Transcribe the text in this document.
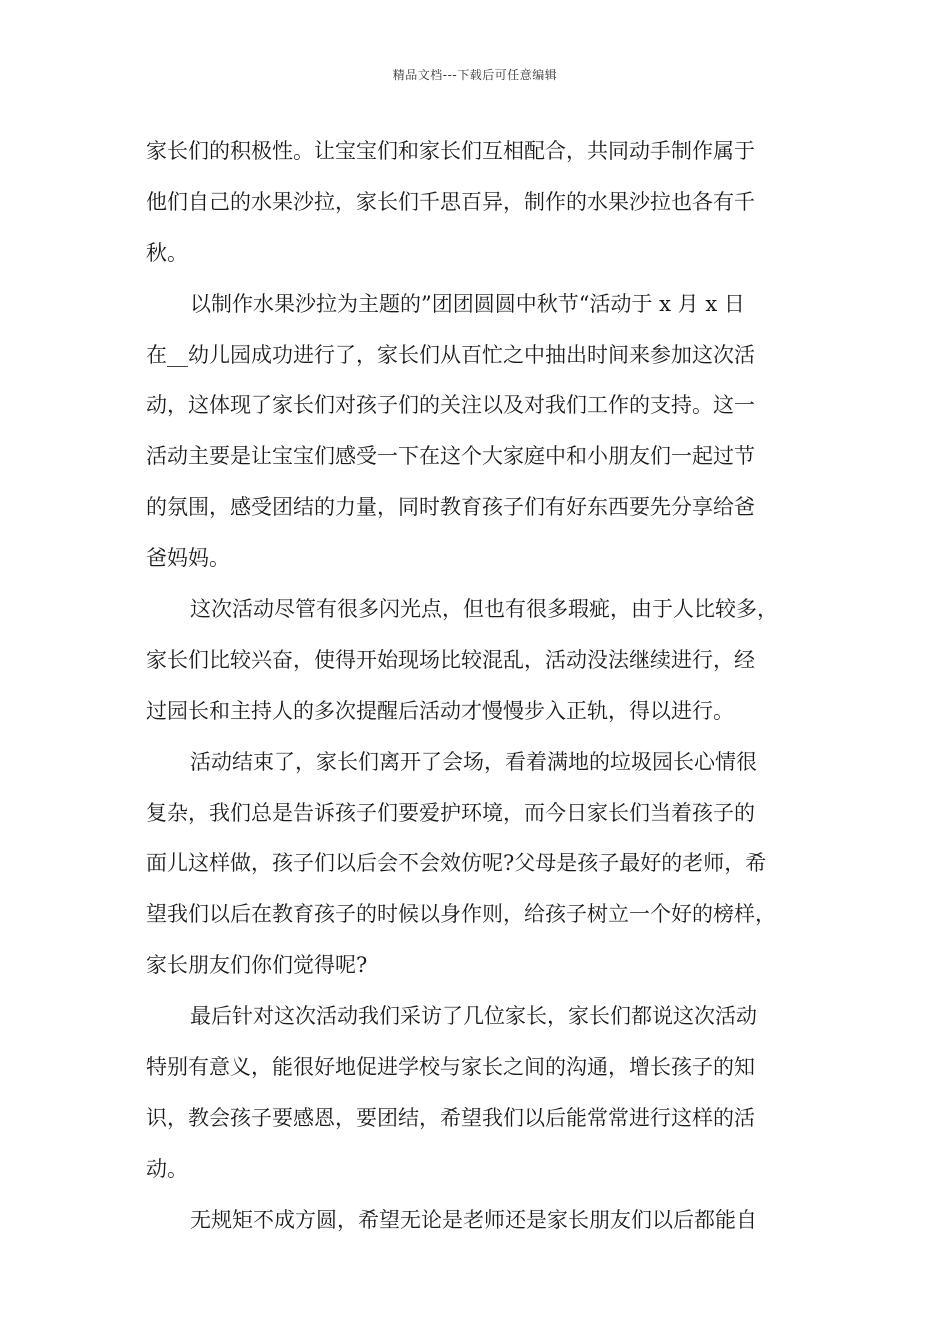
精品文档---下载后可任意编辑
家长们的积极性。让宝宝们和家长们互相配合，共同动手制作属于
他们自己的水果沙拉，家长们千思百异，制作的水果沙拉也各有千
秋。
以制作水果沙拉为主题的”团团圆圆中秋节“活动于 x 月 x 日
在__幼儿园成功进行了，家长们从百忙之中抽出时间来参加这次活
动，这体现了家长们对孩子们的关注以及对我们工作的支持。这一
活动主要是让宝宝们感受一下在这个大家庭中和小朋友们一起过节
的氛围，感受团结的力量，同时教育孩子们有好东西要先分享给爸
爸妈妈。
这次活动尽管有很多闪光点，但也有很多瑕疵，由于人比较多，
家长们比较兴奋，使得开始现场比较混乱，活动没法继续进行，经
过园长和主持人的多次提醒后活动才慢慢步入正轨，得以进行。
活动结束了，家长们离开了会场，看着满地的垃圾园长心情很
复杂，我们总是告诉孩子们要爱护环境，而今日家长们当着孩子的
面儿这样做，孩子们以后会不会效仿呢?父母是孩子最好的老师，希
望我们以后在教育孩子的时候以身作则，给孩子树立一个好的榜样，
家长朋友们你们觉得呢?
最后针对这次活动我们采访了几位家长，家长们都说这次活动
特别有意义，能很好地促进学校与家长之间的沟通，增长孩子的知
识，教会孩子要感恩，要团结，希望我们以后能常常进行这样的活
动。
无规矩不成方圆，希望无论是老师还是家长朋友们以后都能自
